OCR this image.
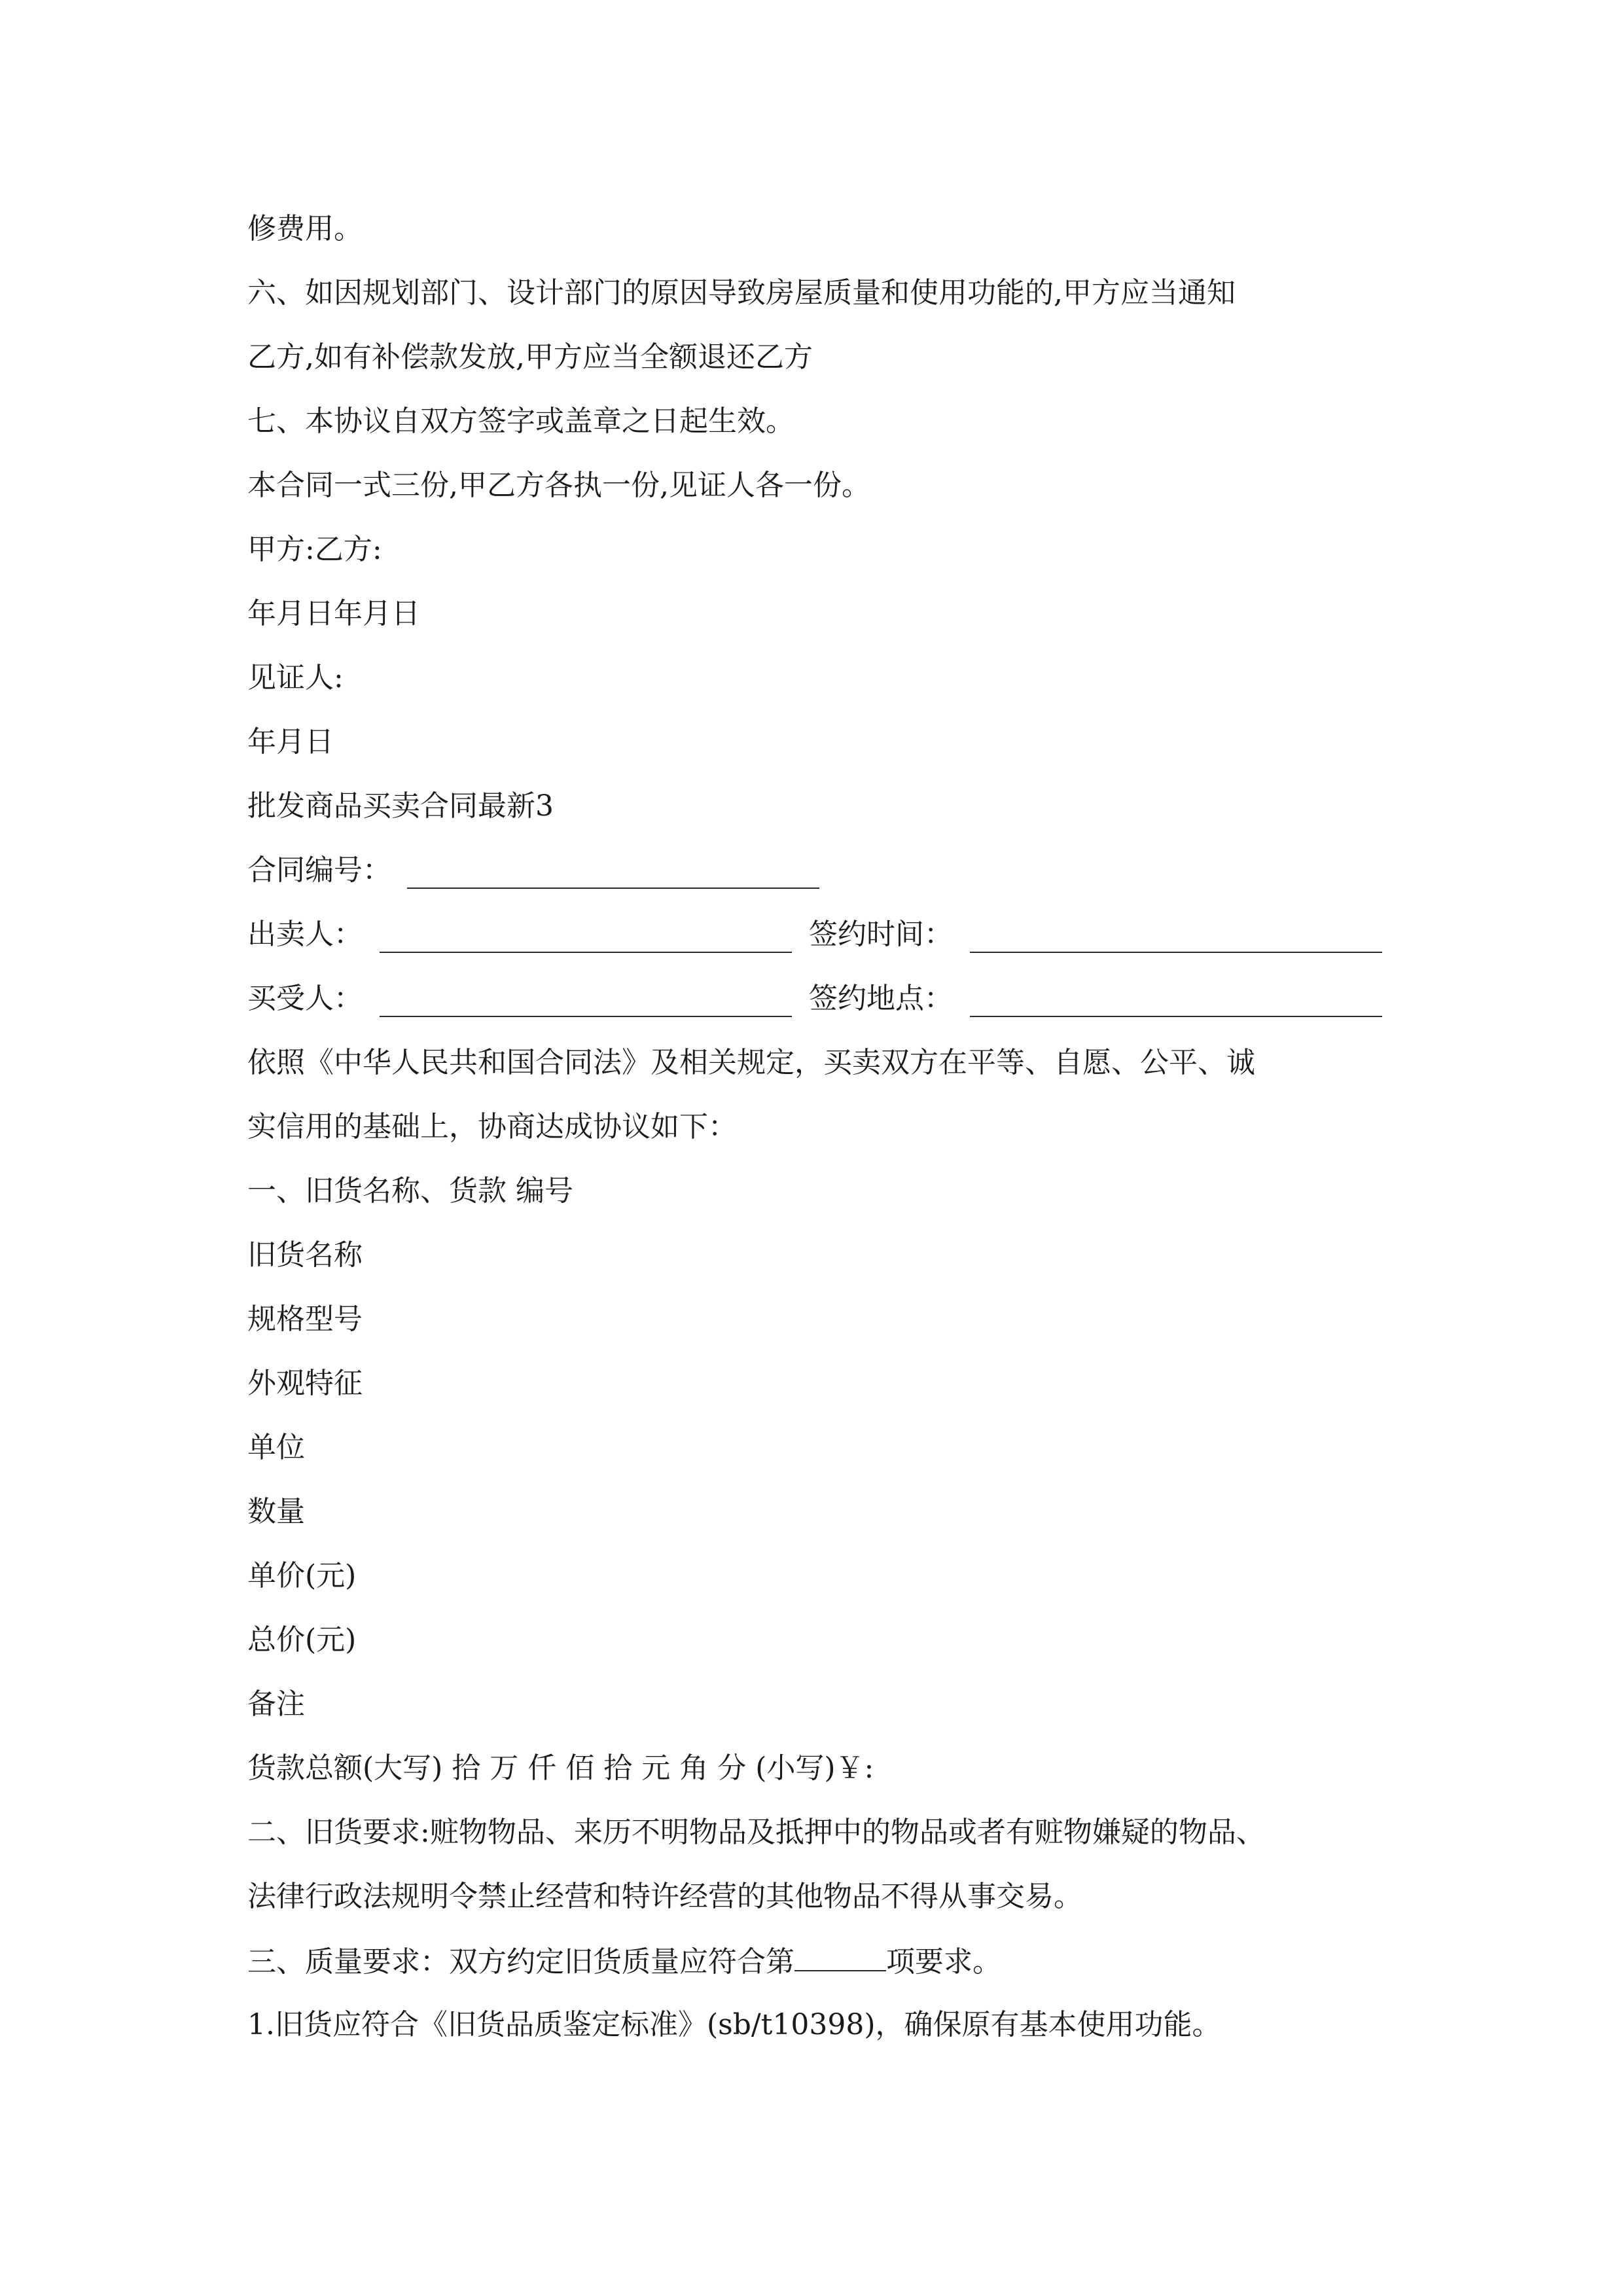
修费用。

六、如因规划部门、设计部门的原因导致房屋质量和使用功能的,甲方应当通知

乙方,如有补偿款发放,甲方应当全额退还乙方

七、本协议自双方签字或盖章之日起生效。

本合同一式三份,甲乙方各执一份,见证人各一份。

甲方:乙方:

年月日年月日

见证人:

年月日

批发商品买卖合同最新3

合同编号：

出卖人：	签约时间：

买受人：	签约地点：

依照《中华人民共和国合同法》及相关规定，买卖双方在平等、自愿、公平、诚

实信用的基础上，协商达成协议如下：

一、旧货名称、货款 编号

旧货名称

规格型号

外观特征

单位

数量

单价(元)

总价(元)

备注

货款总额(大写) 拾 万 仟 佰 拾 元 角 分 (小写)￥:

二、旧货要求:赃物物品、来历不明物品及抵押中的物品或者有赃物嫌疑的物品、

法律行政法规明令禁止经营和特许经营的其他物品不得从事交易。

三、质量要求：双方约定旧货质量应符合第	项要求。

1.旧货应符合《旧货品质鉴定标准》(sb/t10398)，确保原有基本使用功能。
